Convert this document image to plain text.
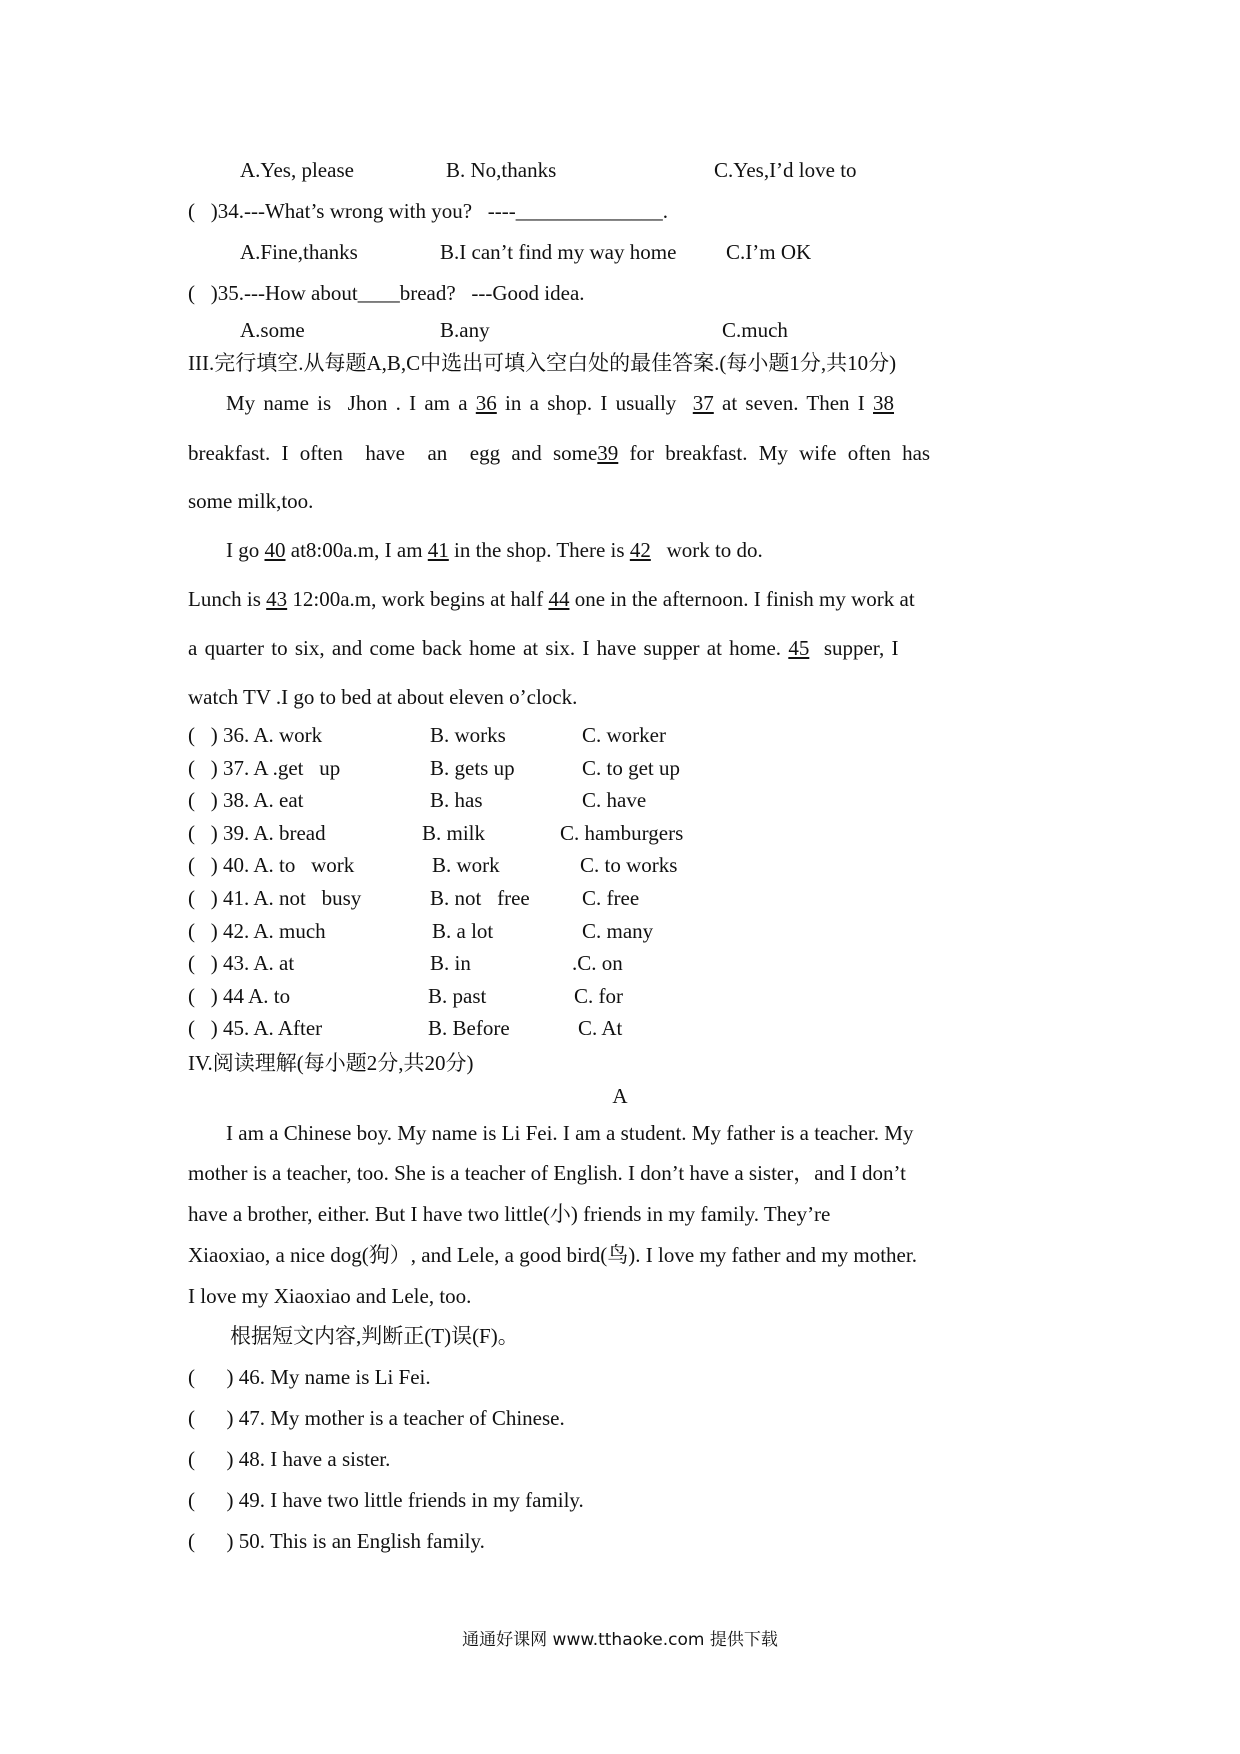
A.Yes, please	B. No,thanks	C.Yes,I’d love to
(   )34.---What’s wrong with you?   ----______________.
A.Fine,thanks	B.I can’t find my way home C.I’m OK
(   )35.---How about____bread?   ---Good idea.
A.some	B.any	C.much
III.完行填空.从每题A,B,C中选出可填入空白处的最佳答案.(每小题1分,共10分)
My name is  Jhon . I am a 36 in a shop. I usually  37 at seven. Then I 38
breakfast. I often  have  an  egg and some39 for breakfast. My wife often has
some milk,too.
I go 40 at8:00a.m, I am 41 in the shop. There is 42   work to do.
Lunch is 43 12:00a.m, work begins at half 44 one in the afternoon. I finish my work at
a quarter to six, and come back home at six. I have supper at home. 45  supper, I
watch TV .I go to bed at about eleven o’clock.
(   ) 36. A. work	B. works	C. worker
(   ) 37. A .get   up	B. gets up	C. to get up
(   ) 38. A. eat	B. has	C. have
(   ) 39. A. bread	B. milk	C. hamburgers
(   ) 40. A. to   work	B. work	C. to works
(   ) 41. A. not   busy	B. not   free C. free
(   ) 42. A. much	B. a lot	C. many
(   ) 43. A. at	B. in	.C. on
(   ) 44 A. to	B. past	C. for
(   ) 45. A. After	B. Before	C. At
IV.阅读理解(每小题2分,共20分)
A
I am a Chinese boy. My name is Li Fei. I am a student. My father is a teacher. My
mother is a teacher, too. She is a teacher of English. I don’t have a sister，and I don’t
have a brother, either. But I have two little(小) friends in my family. They’re
Xiaoxiao, a nice dog(狗）, and Lele, a good bird(鸟). I love my father and my mother.
I love my Xiaoxiao and Lele, too.
根据短文内容,判断正(T)误(F)。
(      ) 46. My name is Li Fei.
(      ) 47. My mother is a teacher of Chinese.
(      ) 48. I have a sister.
(      ) 49. I have two little friends in my family.
(      ) 50. This is an English family.
通通好课网 www.tthaoke.com 提供下载
